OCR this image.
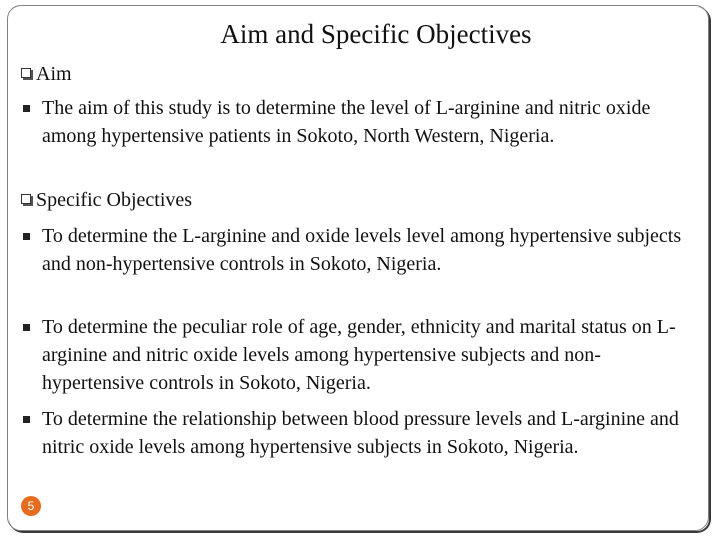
Aim and Specific Objectives
Aim
The aim of this study is to determine the level of L-arginine and nitric oxide among hypertensive patients in Sokoto, North Western, Nigeria.
Specific Objectives
To determine the L-arginine and oxide levels level among hypertensive subjects and non-hypertensive controls in Sokoto, Nigeria.
To determine the peculiar role of age, gender, ethnicity and marital status on L-arginine and nitric oxide levels among hypertensive subjects and non-hypertensive controls in Sokoto, Nigeria.
To determine the relationship between blood pressure levels and L-arginine and nitric oxide levels among hypertensive subjects in Sokoto, Nigeria.
5
